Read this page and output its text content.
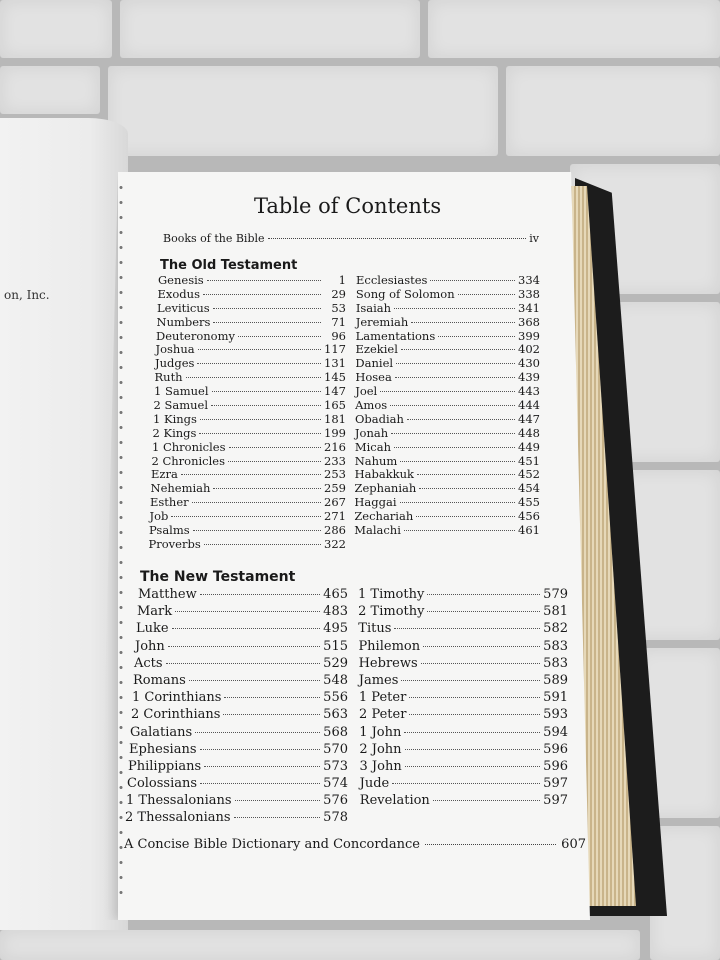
on, Inc.
Table of Contents
Books of the Bible	iv
The Old Testament
The New Testament
Genesis	1
Exodus	29
Leviticus	53
Numbers	71
Deuteronomy	96
Joshua	117
Judges	131
Ruth	145
1 Samuel	147
2 Samuel	165
1 Kings	181
2 Kings	199
1 Chronicles	216
2 Chronicles	233
Ezra	253
Nehemiah	259
Esther	267
Job	271
Psalms	286
Proverbs	322
Ecclesiastes	334
Song of Solomon	338
Isaiah	341
Jeremiah	368
Lamentations	399
Ezekiel	402
Daniel	430
Hosea	439
Joel	443
Amos	444
Obadiah	447
Jonah	448
Micah	449
Nahum	451
Habakkuk	452
Zephaniah	454
Haggai	455
Zechariah	456
Malachi	461
Matthew	465
Mark	483
Luke	495
John	515
Acts	529
Romans	548
1 Corinthians	556
2 Corinthians	563
Galatians	568
Ephesians	570
Philippians	573
Colossians	574
1 Thessalonians	576
2 Thessalonians	578
1 Timothy	579
2 Timothy	581
Titus	582
Philemon	583
Hebrews	583
James	589
1 Peter	591
2 Peter	593
1 John	594
2 John	596
3 John	596
Jude	597
Revelation	597
A Concise Bible Dictionary and Concordance	607
